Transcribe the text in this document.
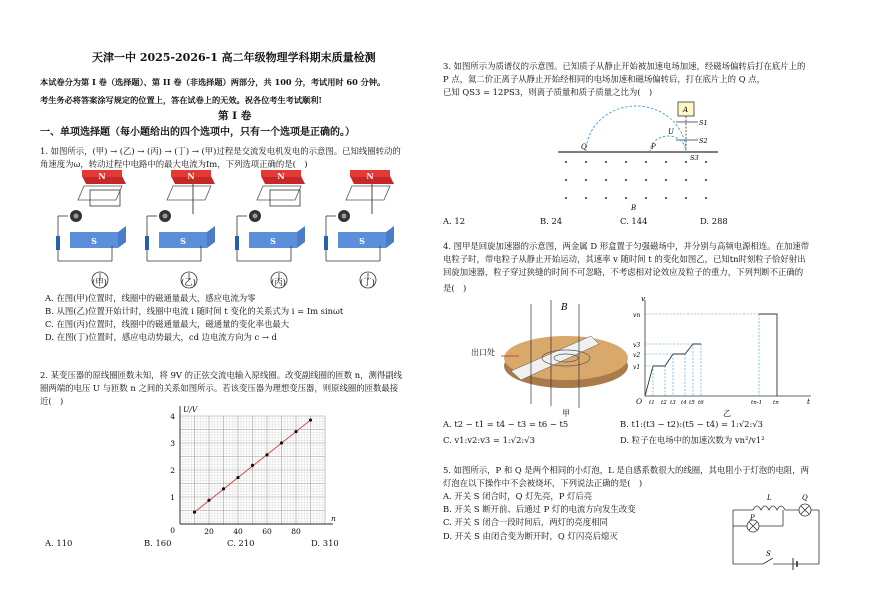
天津一中 2025-2026-1 高二年级物理学科期末质量检测
本试卷分为第 I 卷（选择题）、第 II 卷（非选择题）两部分，共 100 分，考试用时 60 分钟。
考生务必将答案涂写规定的位置上，答在试卷上的无效。祝各位考生考试顺利!
第 I 卷
一、单项选择题（每小题给出的四个选项中，只有一个选项是正确的。）
1. 如图所示，(甲) → (乙) → (丙) → (丁) → (甲)过程是交流发电机发电的示意图。已知线圈转动的
角速度为ω，转动过程中电路中的最大电流为Im，下列选项正确的是(　)
N
S
(甲)	(乙)	(丙)	(丁)
A. 在图(甲)位置时，线圈中的磁通量最大，感应电流为零
B. 从图(乙)位置开始计时，线圈中电流 i 随时间 t 变化的关系式为 i = Im sinωt
C. 在图(丙)位置时，线圈中的磁通量最大，磁通量的变化率也最大
D. 在图(丁)位置时，感应电动势最大，cd 边电流方向为 c → d
2. 某变压器的原线圈匝数未知，将 9V 的正弦交流电输入原线圈。改变副线圈的匝数 n，测得副线
圈两端的电压 U 与匝数 n 之间的关系如图所示。若该变压器为理想变压器，则原线圈的匝数最接
近(　)
20	40	60	80
1
2
3
4
0
U/V
n
A. 110	B. 160	C. 210	D. 310
3. 如图所示为质谱仪的示意图。已知质子从静止开始被加速电场加速，经磁场偏转后打在底片上的
P 点，氦二价正离子从静止开始经相同的电场加速和磁场偏转后，打在底片上的 Q 点，
已知 QS3 = 12PS3，则离子质量和质子质量之比为(　)
A
U
S1
S2
S3
P
Q
B
A. 12	B. 24	C. 144	D. 288
4. 图甲是回旋加速器的示意图，两金属 D 形盒置于匀强磁场中，并分别与高频电源相连。在加速带
电粒子时，带电粒子从静止开始运动，其速率 v 随时间 t 的变化如图乙，已知tn时刻粒子恰好射出
回旋加速器，粒子穿过狭缝的时间不可忽略，不考虑相对论效应及粒子的重力，下列判断不正确的
是(　)
B
出口处
甲
v
t
O
vn
v3
v2
v1
t1 t2 t3 t4 t5 t6	tn-1 tn
乙
A. t2 − t1 = t4 − t3 = t6 − t5	B. t1:(t3 − t2):(t5 − t4) = 1:√2:√3
C. v1:v2:v3 = 1:√2:√3	D. 粒子在电场中的加速次数为 vn²/v1²
5. 如图所示，P 和 Q 是两个相同的小灯泡，L 是自感系数很大的线圈，其电阻小于灯泡的电阻，两
灯泡在以下操作中不会被烧坏，下列说法正确的是(　)
A. 开关 S 闭合时，Q 灯先亮，P 灯后亮
B. 开关 S 断开前、后通过 P 灯的电流方向发生改变
C. 开关 S 闭合一段时间后，两灯的亮度相同
D. 开关 S 由闭合变为断开时，Q 灯闪亮后熄灭
L
P
Q
S
